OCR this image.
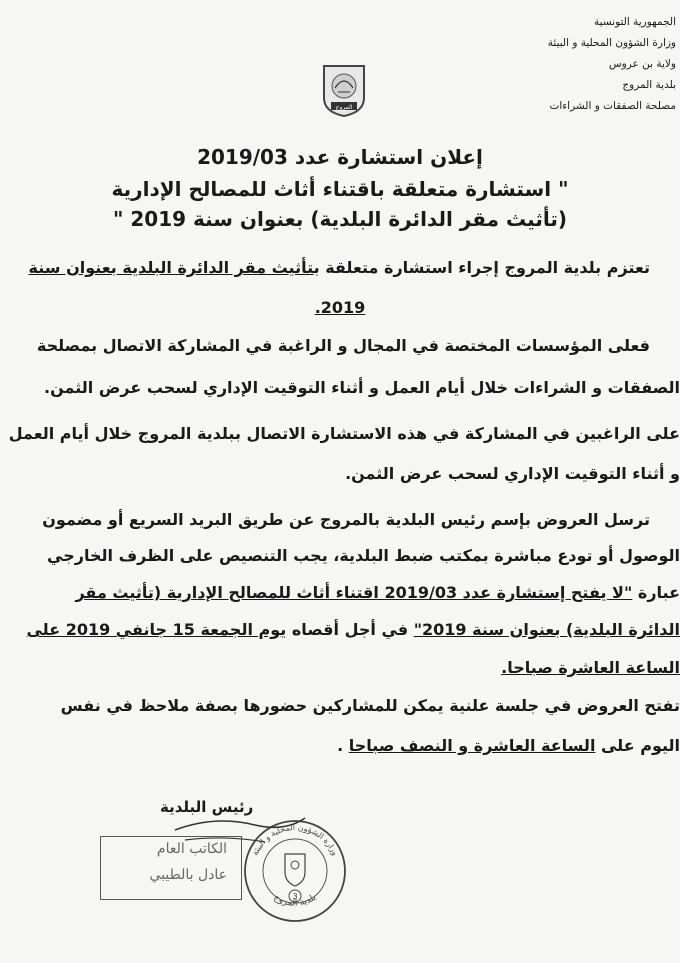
الجمهورية التونسية
وزارة الشؤون المحلية و البيئة
ولاية بن عروس
بلدية المروج
مصلحة الصفقات و الشراءات
المروج
إعلان استشارة عدد 2019/03
" استشارة متعلقة باقتناء أثاث للمصالح الإدارية
(تأثيث مقر الدائرة البلدية) بعنوان سنة 2019 "
تعتزم بلدية المروج إجراء استشارة متعلقة بتأثيث مقر الدائرة البلدية بعنوان سنة
2019.
فعلى المؤسسات المختصة في المجال و الراغبة في المشاركة الاتصال بمصلحة
الصفقات و الشراءات خلال أيام العمل و أثناء التوقيت الإداري لسحب عرض الثمن.
على الراغبين في المشاركة في هذه الاستشارة الاتصال ببلدية المروج خلال أيام العمل
و أثناء التوقيت الإداري لسحب عرض الثمن.
ترسل العروض بإسم رئيس البلدية بالمروج عن طريق البريد السريع أو مضمون
الوصول أو تودع مباشرة بمكتب ضبط البلدية، يجب التنصيص على الظرف الخارجي
عبارة "لا يفتح إستشارة عدد 2019/03 اقتناء أثاث للمصالح الإدارية (تأثيث مقر
الدائرة البلدية) بعنوان سنة 2019" في أجل أقصاه يوم الجمعة 15 جانفي 2019 على
الساعة العاشرة صباحا.
تفتح العروض في جلسة علنية يمكن للمشاركين حضورها بصفة ملاحظ في نفس
اليوم على الساعة العاشرة و النصف صباحا .
رئيس البلدية
الكاتب العام
عادل بالطيبي
وزارة الشؤون المحلية و البيئة
بلدية المروج
3
